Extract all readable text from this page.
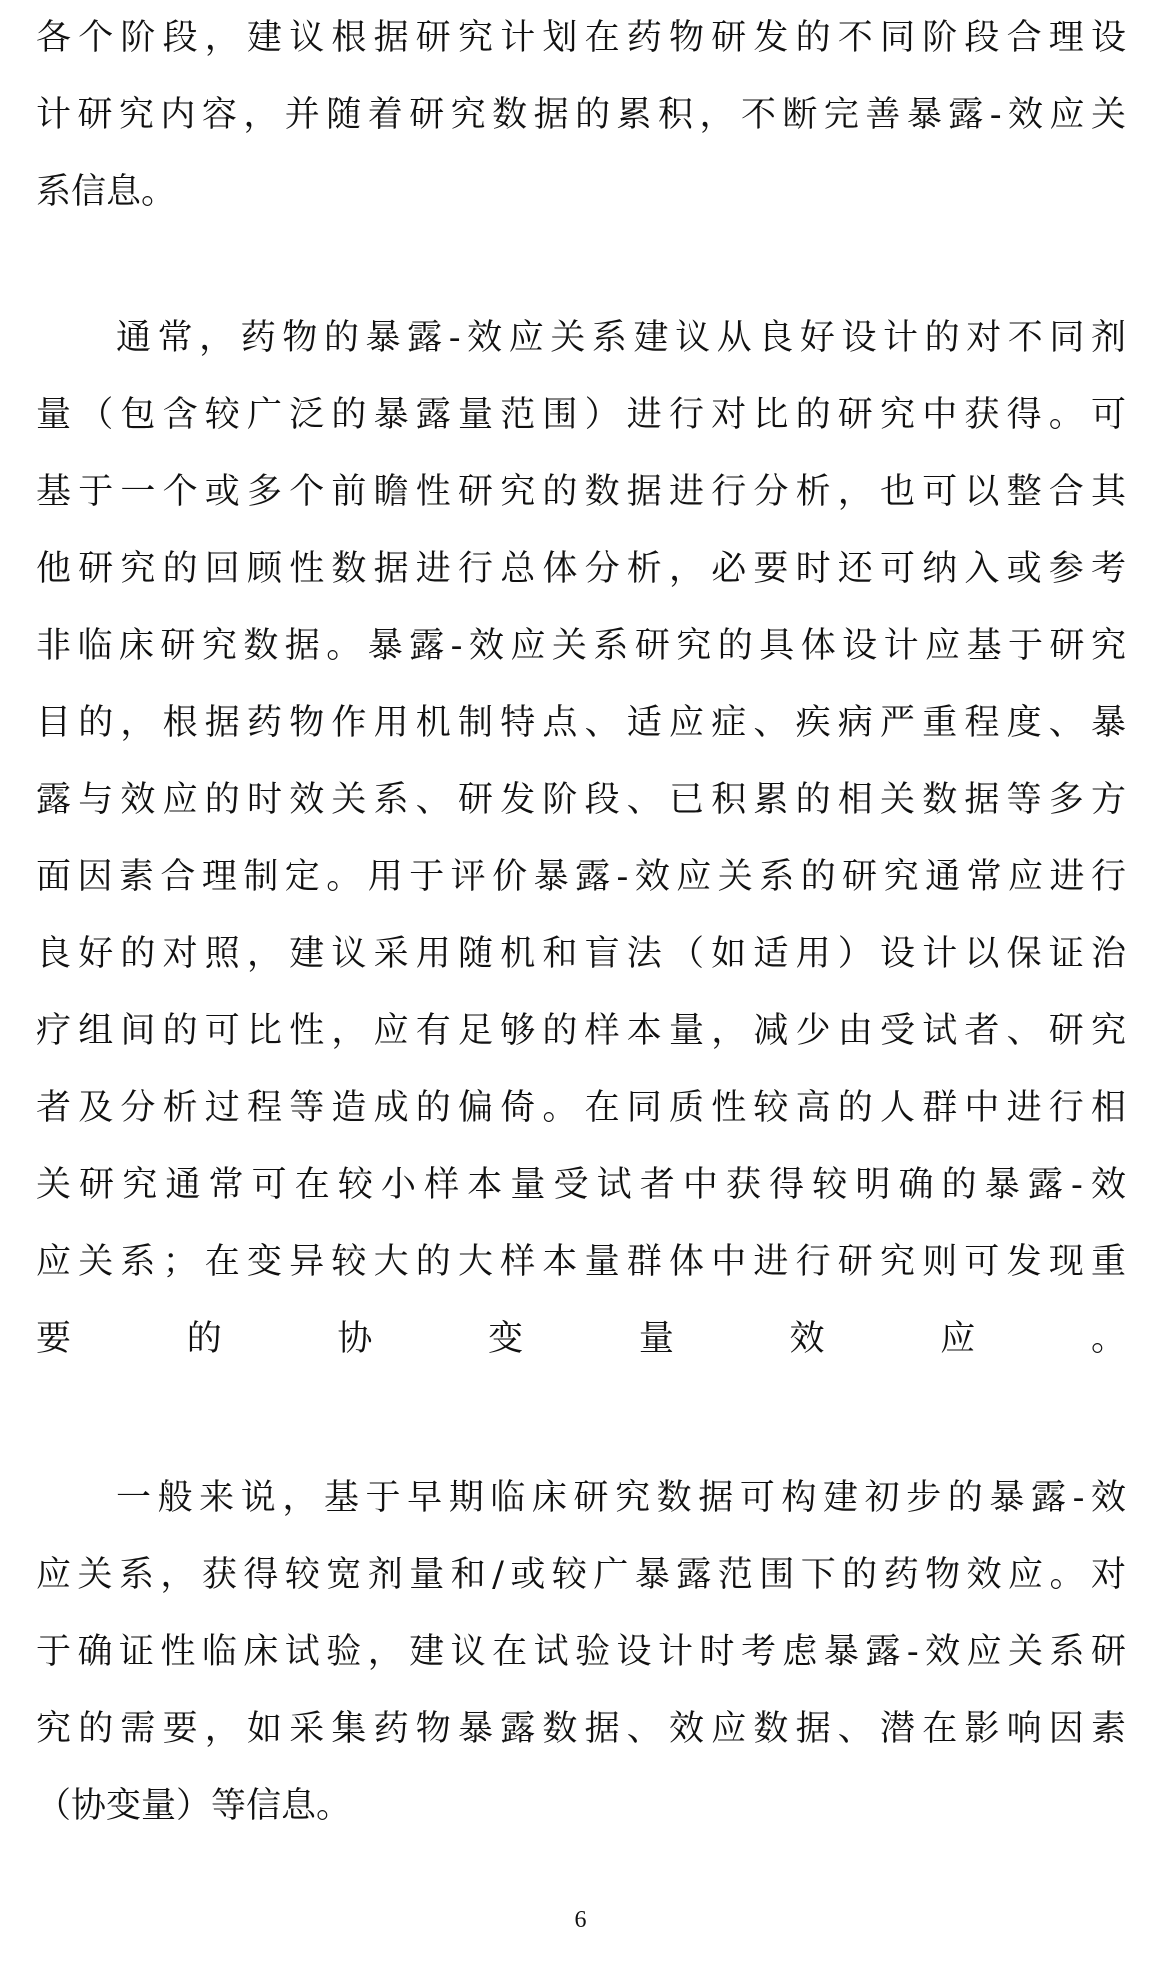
各个阶段，建议根据研究计划在药物研发的不同阶段合理设
计研究内容，并随着研究数据的累积，不断完善暴露-效应关
系信息。
通常，药物的暴露-效应关系建议从良好设计的对不同剂
量（包含较广泛的暴露量范围）进行对比的研究中获得。可
基于一个或多个前瞻性研究的数据进行分析，也可以整合其
他研究的回顾性数据进行总体分析，必要时还可纳入或参考
非临床研究数据。暴露-效应关系研究的具体设计应基于研究
目的，根据药物作用机制特点、适应症、疾病严重程度、暴
露与效应的时效关系、研发阶段、已积累的相关数据等多方
面因素合理制定。用于评价暴露-效应关系的研究通常应进行
良好的对照，建议采用随机和盲法（如适用）设计以保证治
疗组间的可比性，应有足够的样本量，减少由受试者、研究
者及分析过程等造成的偏倚。在同质性较高的人群中进行相
关研究通常可在较小样本量受试者中获得较明确的暴露-效
应关系；在变异较大的大样本量群体中进行研究则可发现重
要的协变量效应。
一般来说，基于早期临床研究数据可构建初步的暴露-效
应关系，获得较宽剂量和/或较广暴露范围下的药物效应。对
于确证性临床试验，建议在试验设计时考虑暴露-效应关系研
究的需要，如采集药物暴露数据、效应数据、潜在影响因素
（协变量）等信息。
6
